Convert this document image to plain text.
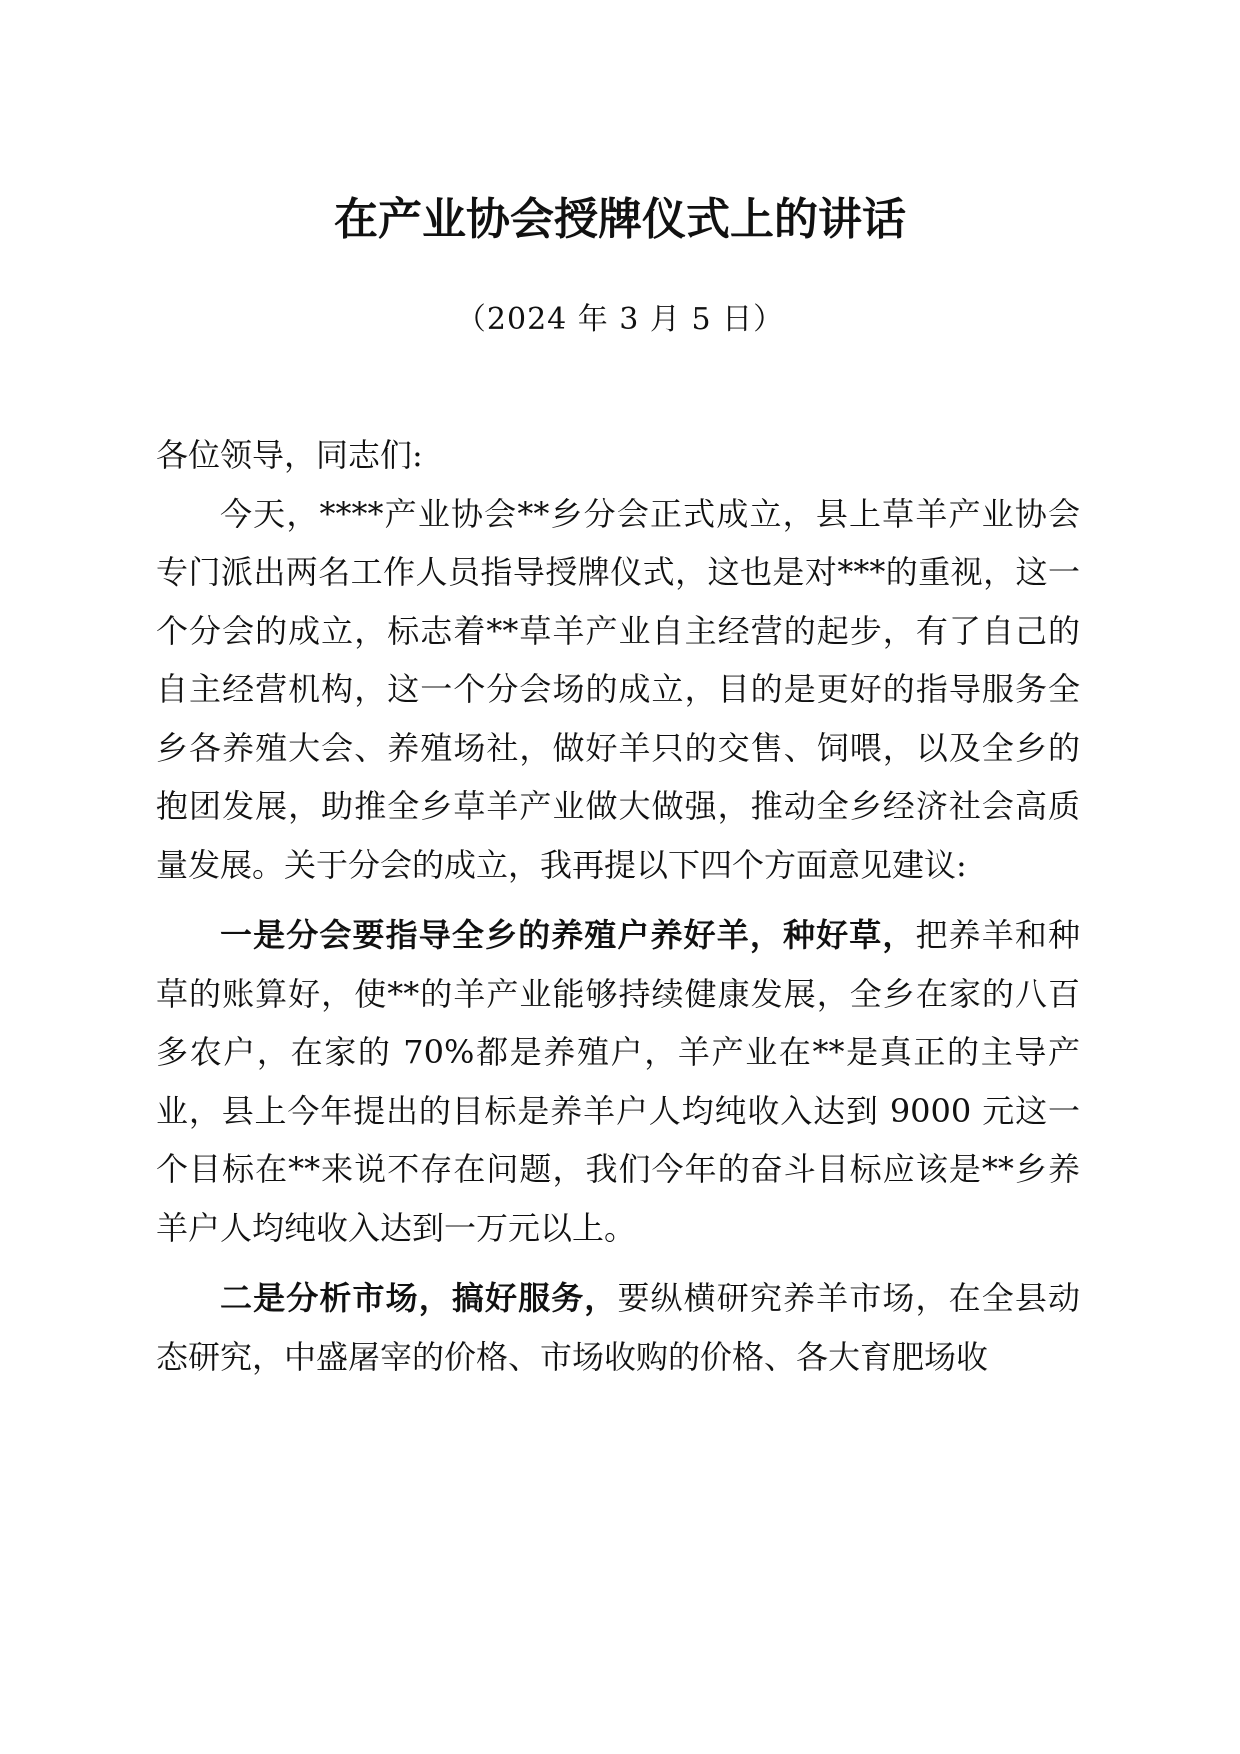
在产业协会授牌仪式上的讲话
（2024 年 3 月 5 日）

各位领导，同志们:

今天，****产业协会**乡分会正式成立，县上草羊产业协会专门派出两名工作人员指导授牌仪式，这也是对***的重视，这一个分会的成立，标志着**草羊产业自主经营的起步，有了自己的自主经营机构，这一个分会场的成立，目的是更好的指导服务全乡各养殖大会、养殖场社，做好羊只的交售、饲喂，以及全乡的抱团发展，助推全乡草羊产业做大做强，推动全乡经济社会高质量发展。关于分会的成立，我再提以下四个方面意见建议:

一是分会要指导全乡的养殖户养好羊，种好草，把养羊和种草的账算好，使**的羊产业能够持续健康发展，全乡在家的八百多农户，在家的 70%都是养殖户，羊产业在**是真正的主导产业，县上今年提出的目标是养羊户人均纯收入达到 9000 元这一个目标在**来说不存在问题，我们今年的奋斗目标应该是**乡养羊户人均纯收入达到一万元以上。

二是分析市场，搞好服务，要纵横研究养羊市场，在全县动态研究，中盛屠宰的价格、市场收购的价格、各大育肥场收
